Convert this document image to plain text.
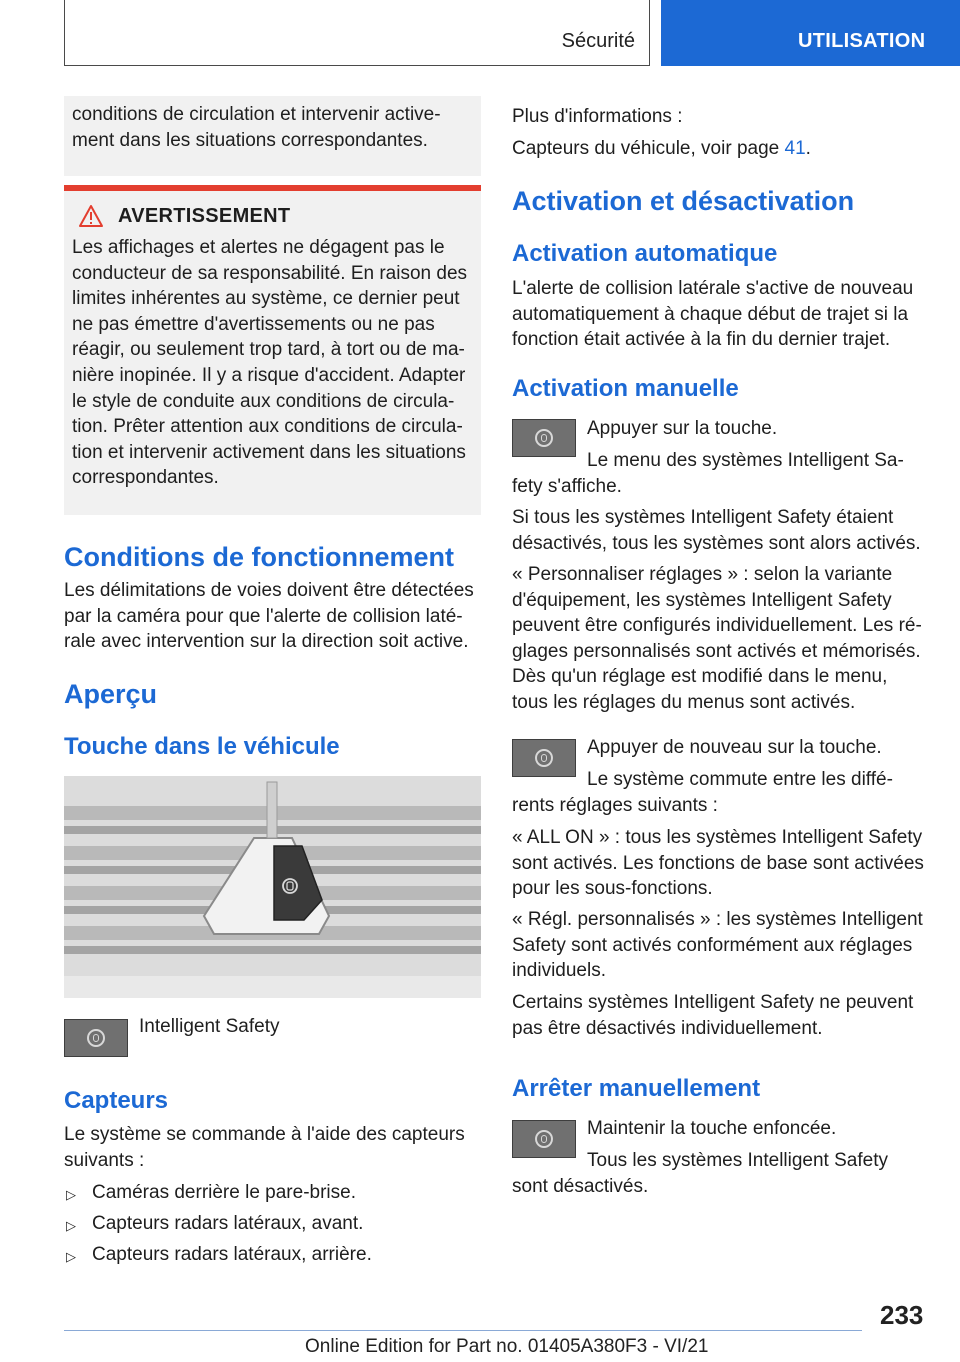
Sécurité	UTILISATION
conditions de circulation et intervenir active-ment dans les situations correspondantes.
AVERTISSEMENT
Les affichages et alertes ne dégagent pas le conducteur de sa responsabilité. En raison des limites inhérentes au système, ce dernier peut ne pas émettre d'avertissements ou ne pas réagir, ou seulement trop tard, à tort ou de ma-nière inopinée. Il y a risque d'accident. Adapter le style de conduite aux conditions de circula-tion. Prêter attention aux conditions de circula-tion et intervenir activement dans les situations correspondantes.
Conditions de fonctionnement
Les délimitations de voies doivent être détectées par la caméra pour que l'alerte de collision laté-rale avec intervention sur la direction soit active.
Aperçu
Touche dans le véhicule
Intelligent Safety
Capteurs
Le système se commande à l'aide des capteurs suivants :
▷ Caméras derrière le pare-brise.
▷ Capteurs radars latéraux, avant.
▷ Capteurs radars latéraux, arrière.
Plus d'informations :
Capteurs du véhicule, voir page 41.
Activation et désactivation
Activation automatique
L'alerte de collision latérale s'active de nouveau automatiquement à chaque début de trajet si la fonction était activée à la fin du dernier trajet.
Activation manuelle
Appuyer sur la touche.
Le menu des systèmes Intelligent Sa-
fety s'affiche.
Si tous les systèmes Intelligent Safety étaient désactivés, tous les systèmes sont alors activés.
« Personnaliser réglages » : selon la variante d'équipement, les systèmes Intelligent Safety peuvent être configurés individuellement. Les ré-glages personnalisés sont activés et mémorisés. Dès qu'un réglage est modifié dans le menu, tous les réglages du menus sont activés.
Appuyer de nouveau sur la touche.
Le système commute entre les diffé-
rents réglages suivants :
« ALL ON » : tous les systèmes Intelligent Safety sont activés. Les fonctions de base sont activées pour les sous-fonctions.
« Régl. personnalisés » : les systèmes Intelligent Safety sont activés conformément aux réglages individuels.
Certains systèmes Intelligent Safety ne peuvent pas être désactivés individuellement.
Arrêter manuellement
Maintenir la touche enfoncée.
Tous les systèmes Intelligent Safety
sont désactivés.
233
Online Edition for Part no. 01405A380F3 - VI/21
